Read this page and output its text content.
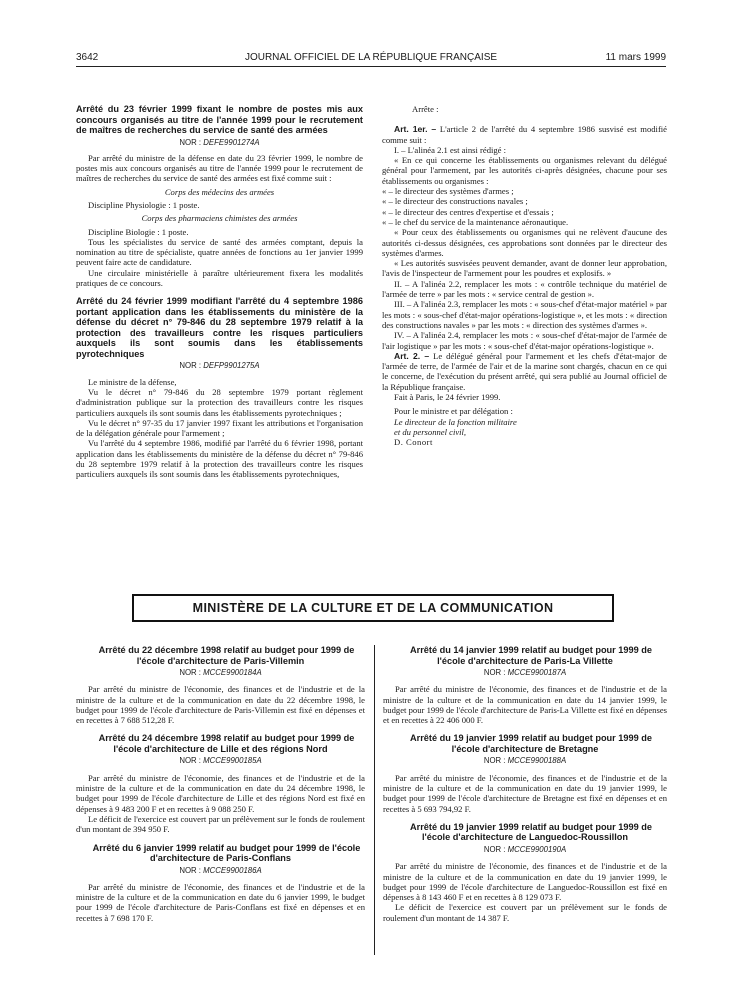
3642	JOURNAL OFFICIEL DE LA RÉPUBLIQUE FRANÇAISE	11 mars 1999

Arrêté du 23 février 1999 fixant le nombre de postes mis aux concours organisés au titre de l'année 1999 pour le recrutement de maîtres de recherches du service de santé des armées

NOR : DEFE9901274A

Par arrêté du ministre de la défense en date du 23 février 1999, le nombre de postes mis aux concours organisés au titre de l'année 1999 pour le recrutement de maîtres de recherches du service de santé des armées est fixé comme suit :

Corps des médecins des armées

Discipline Physiologie : 1 poste.

Corps des pharmaciens chimistes des armées

Discipline Biologie : 1 poste.

Tous les spécialistes du service de santé des armées comptant, depuis la nomination au titre de spécialiste, quatre années de fonctions au 1er janvier 1999 peuvent faire acte de candidature.

Une circulaire ministérielle à paraître ultérieurement fixera les modalités pratiques de ce concours.

Arrêté du 24 février 1999 modifiant l'arrêté du 4 septembre 1986 portant application dans les établissements du ministère de la défense du décret n° 79-846 du 28 septembre 1979 relatif à la protection des travailleurs contre les risques particuliers auxquels ils sont soumis dans les établissements pyrotechniques

NOR : DEFP9901275A

Le ministre de la défense,

Vu le décret n° 79-846 du 28 septembre 1979 portant règlement d'administration publique sur la protection des travailleurs contre les risques particuliers auxquels ils sont soumis dans les établissements pyrotechniques ;

Vu le décret n° 97-35 du 17 janvier 1997 fixant les attributions et l'organisation de la délégation générale pour l'armement ;

Vu l'arrêté du 4 septembre 1986, modifié par l'arrêté du 6 février 1998, portant application dans les établissements du ministère de la défense du décret n° 79-846 du 28 septembre 1979 relatif à la protection des travailleurs contre les risques particuliers auxquels ils sont soumis dans les établissements pyrotechniques,

Arrête :

Art. 1er. – L'article 2 de l'arrêté du 4 septembre 1986 susvisé est modifié comme suit :

I. – L'alinéa 2.1 est ainsi rédigé :

« En ce qui concerne les établissements ou organismes relevant du délégué général pour l'armement, par les autorités ci-après désignées, chacune pour ses établissements ou organismes :

« – le directeur des systèmes d'armes ;

« – le directeur des constructions navales ;

« – le directeur des centres d'expertise et d'essais ;

« – le chef du service de la maintenance aéronautique.

« Pour ceux des établissements ou organismes qui ne relèvent d'aucune des autorités ci-dessus désignées, ces approbations sont données par le directeur des systèmes d'armes.

« Les autorités susvisées peuvent demander, avant de donner leur approbation, l'avis de l'inspecteur de l'armement pour les poudres et explosifs. »

II. – A l'alinéa 2.2, remplacer les mots : « contrôle technique du matériel de l'armée de terre » par les mots : « service central de gestion ».

III. – A l'alinéa 2.3, remplacer les mots : « sous-chef d'état-major matériel » par les mots : « sous-chef d'état-major opérations-logistique », et les mots : « direction des constructions navales » par les mots : « direction des systèmes d'armes ».

IV. – A l'alinéa 2.4, remplacer les mots : « sous-chef d'état-major de l'armée de l'air logistique » par les mots : « sous-chef d'état-major opérations-logistique ».

Art. 2. – Le délégué général pour l'armement et les chefs d'état-major de l'armée de terre, de l'armée de l'air et de la marine sont chargés, chacun en ce qui le concerne, de l'exécution du présent arrêté, qui sera publié au Journal officiel de la République française.

Fait à Paris, le 24 février 1999.

Pour le ministre et par délégation :

Le directeur de la fonction militaire

et du personnel civil,

D. Conort

MINISTÈRE DE LA CULTURE ET DE LA COMMUNICATION

Arrêté du 22 décembre 1998 relatif au budget pour 1999 de l'école d'architecture de Paris-Villemin

NOR : MCCE9900184A

Par arrêté du ministre de l'économie, des finances et de l'industrie et de la ministre de la culture et de la communication en date du 22 décembre 1998, le budget pour 1999 de l'école d'architecture de Paris-Villemin est fixé en dépenses et en recettes à 7 688 512,28 F.

Arrêté du 24 décembre 1998 relatif au budget pour 1999 de l'école d'architecture de Lille et des régions Nord

NOR : MCCE9900185A

Par arrêté du ministre de l'économie, des finances et de l'industrie et de la ministre de la culture et de la communication en date du 24 décembre 1998, le budget pour 1999 de l'école d'architecture de Lille et des régions Nord est fixé en dépenses à 9 483 200 F et en recettes à 9 088 250 F.

Le déficit de l'exercice est couvert par un prélèvement sur le fonds de roulement d'un montant de 394 950 F.

Arrêté du 6 janvier 1999 relatif au budget pour 1999 de l'école d'architecture de Paris-Conflans

NOR : MCCE9900186A

Par arrêté du ministre de l'économie, des finances et de l'industrie et de la ministre de la culture et de la communication en date du 6 janvier 1999, le budget pour 1999 de l'école d'architecture de Paris-Conflans est fixé en dépenses et en recettes à 7 698 170 F.

Arrêté du 14 janvier 1999 relatif au budget pour 1999 de l'école d'architecture de Paris-La Villette

NOR : MCCE9900187A

Par arrêté du ministre de l'économie, des finances et de l'industrie et de la ministre de la culture et de la communication en date du 14 janvier 1999, le budget pour 1999 de l'école d'architecture de Paris-La Villette est fixé en dépenses et en recettes à 22 406 000 F.

Arrêté du 19 janvier 1999 relatif au budget pour 1999 de l'école d'architecture de Bretagne

NOR : MCCE9900188A

Par arrêté du ministre de l'économie, des finances et de l'industrie et de la ministre de la culture et de la communication en date du 19 janvier 1999, le budget pour 1999 de l'école d'architecture de Bretagne est fixé en dépenses et en recettes à 5 693 794,92 F.

Arrêté du 19 janvier 1999 relatif au budget pour 1999 de l'école d'architecture de Languedoc-Roussillon

NOR : MCCE9900190A

Par arrêté du ministre de l'économie, des finances et de l'industrie et de la ministre de la culture et de la communication en date du 19 janvier 1999, le budget pour 1999 de l'école d'architecture de Languedoc-Roussillon est fixé en dépenses à 8 143 460 F et en recettes à 8 129 073 F.

Le déficit de l'exercice est couvert par un prélèvement sur le fonds de roulement d'un montant de 14 387 F.
